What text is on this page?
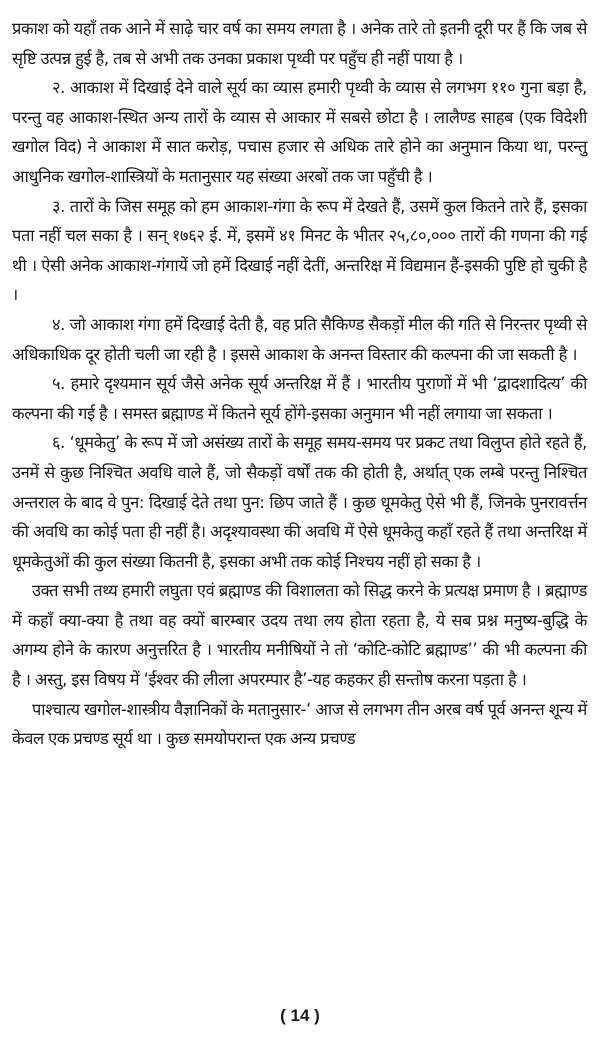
प्रकाश को यहाँ तक आने में साढ़े चार वर्ष का समय लगता है । अनेक तारे तो इतनी दूरी पर हैं कि जब से सृष्टि उत्पन्न हुई है, तब से अभी तक उनका प्रकाश पृथ्वी पर पहुँच ही नहीं पाया है ।

२. आकाश में दिखाई देने वाले सूर्य का व्यास हमारी पृथ्वी के व्यास से लगभग ११० गुना बड़ा है, परन्तु वह आकाश-स्थित अन्य तारों के व्यास से आकार में सबसे छोटा है । लालैण्ड साहब (एक विदेशी खगोल विद) ने आकाश में सात करोड़, पचास हजार से अधिक तारे होने का अनुमान किया था, परन्तु आधुनिक खगोल-शास्त्रियों के मतानुसार यह संख्या अरबों तक जा पहुँची है ।

३. तारों के जिस समूह को हम आकाश-गंगा के रूप में देखते हैं, उसमें कुल कितने तारे हैं, इसका पता नहीं चल सका है । सन् १७६२ ई. में, इसमें ४१ मिनट के भीतर २५,८०,००० तारों की गणना की गई थी । ऐसी अनेक आकाश-गंगायें जो हमें दिखाई नहीं देतीं, अन्तरिक्ष में विद्यमान हैं-इसकी पुष्टि हो चुकी है ।

४. जो आकाश गंगा हमें दिखाई देती है, वह प्रति सैकिण्ड सैकड़ों मील की गति से निरन्तर पृथ्वी से अधिकाधिक दूर होती चली जा रही है । इससे आकाश के अनन्त विस्तार की कल्पना की जा सकती है ।

५. हमारे दृश्यमान सूर्य जैसे अनेक सूर्य अन्तरिक्ष में हैं । भारतीय पुराणों में भी ‘द्वादशादित्य’ की कल्पना की गई है । समस्त ब्रह्माण्ड में कितने सूर्य होंगे-इसका अनुमान भी नहीं लगाया जा सकता ।

६. ‘धूमकेतु’ के रूप में जो असंख्य तारों के समूह समय-समय पर प्रकट तथा विलुप्त होते रहते हैं, उनमें से कुछ निश्चित अवधि वाले हैं, जो सैकड़ों वर्षों तक की होती है, अर्थात् एक लम्बे परन्तु निश्चित अन्तराल के बाद वे पुन: दिखाई देते तथा पुन: छिप जाते हैं । कुछ धूमकेतु ऐसे भी हैं, जिनके पुनरावर्त्तन की अवधि का कोई पता ही नहीं है। अदृश्यावस्था की अवधि में ऐसे धूमकेतु कहाँ रहते हैं तथा अन्तरिक्ष में धूमकेतुओं की कुल संख्या कितनी है, इसका अभी तक कोई निश्चय नहीं हो सका है ।

उक्त सभी तथ्य हमारी लघुता एवं ब्रह्माण्ड की विशालता को सिद्ध करने के प्रत्यक्ष प्रमाण है । ब्रह्माण्ड में कहाँ क्या-क्या है तथा वह क्यों बारम्बार उदय तथा लय होता रहता है, ये सब प्रश्न मनुष्य-बुद्धि के अगम्य होने के कारण अनुत्तरित है । भारतीय मनीषियों ने तो ‘कोटि-कोटि ब्रह्माण्ड’’ की भी कल्पना की है । अस्तु, इस विषय में ‘ईश्वर की लीला अपरम्पार है’-यह कहकर ही सन्तोष करना पड़ता है ।

पाश्चात्य खगोल-शास्त्रीय वैज्ञानिकों के मतानुसार-‘ आज से लगभग तीन अरब वर्ष पूर्व अनन्त शून्य में केवल एक प्रचण्ड सूर्य था । कुछ समयोपरान्त एक अन्य प्रचण्ड

( 14 )
